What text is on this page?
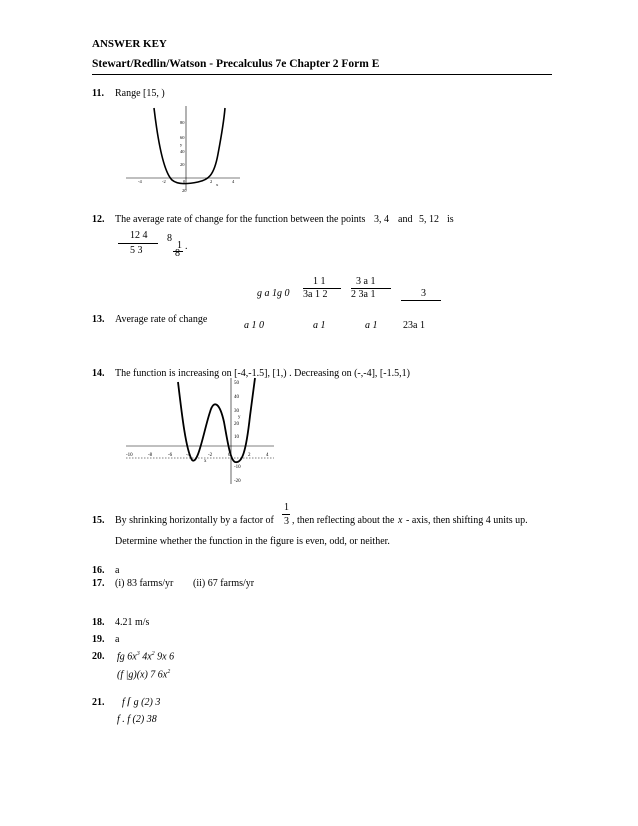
ANSWER KEY
Stewart/Redlin/Watson - Precalculus 7e Chapter 2 Form E
11. Range [15, )
80
60
40
20
20
y
-4	-2	0	2	4
x
12. The average rate of change for the function between the points 3, 4 and 5, 12 is
12 4
5 3
8
1
8
.
1 1	3 a 1
g a 1g 0 3a 1 2 2 3a 1	3
13. Average rate of change
a 1 0	a 1	a 1	23a 1
14. The function is increasing on [-4,-1.5], [1,) . Decreasing on (-,-4], [-1.5,1)
50
40
30
20
10
-10
-20
y
-10	-8	-6	-4	-2	0	2	4
x
1
3
15. By shrinking horizontally by a factor of , then reflecting about the x - axis, then shifting 4 units up.
Determine whether the function in the figure is even, odd, or neither.
16. a
17. (i) 83 farms/yr (ii) 67 farms/yr
18. 4.21 m/s
19. a
20. fg $6x^3$ $4x^2$ 9x 6
(f |g)(x) 7 $6x^2$
21. f ⌈ g (2) 3
f . f (2) 38
